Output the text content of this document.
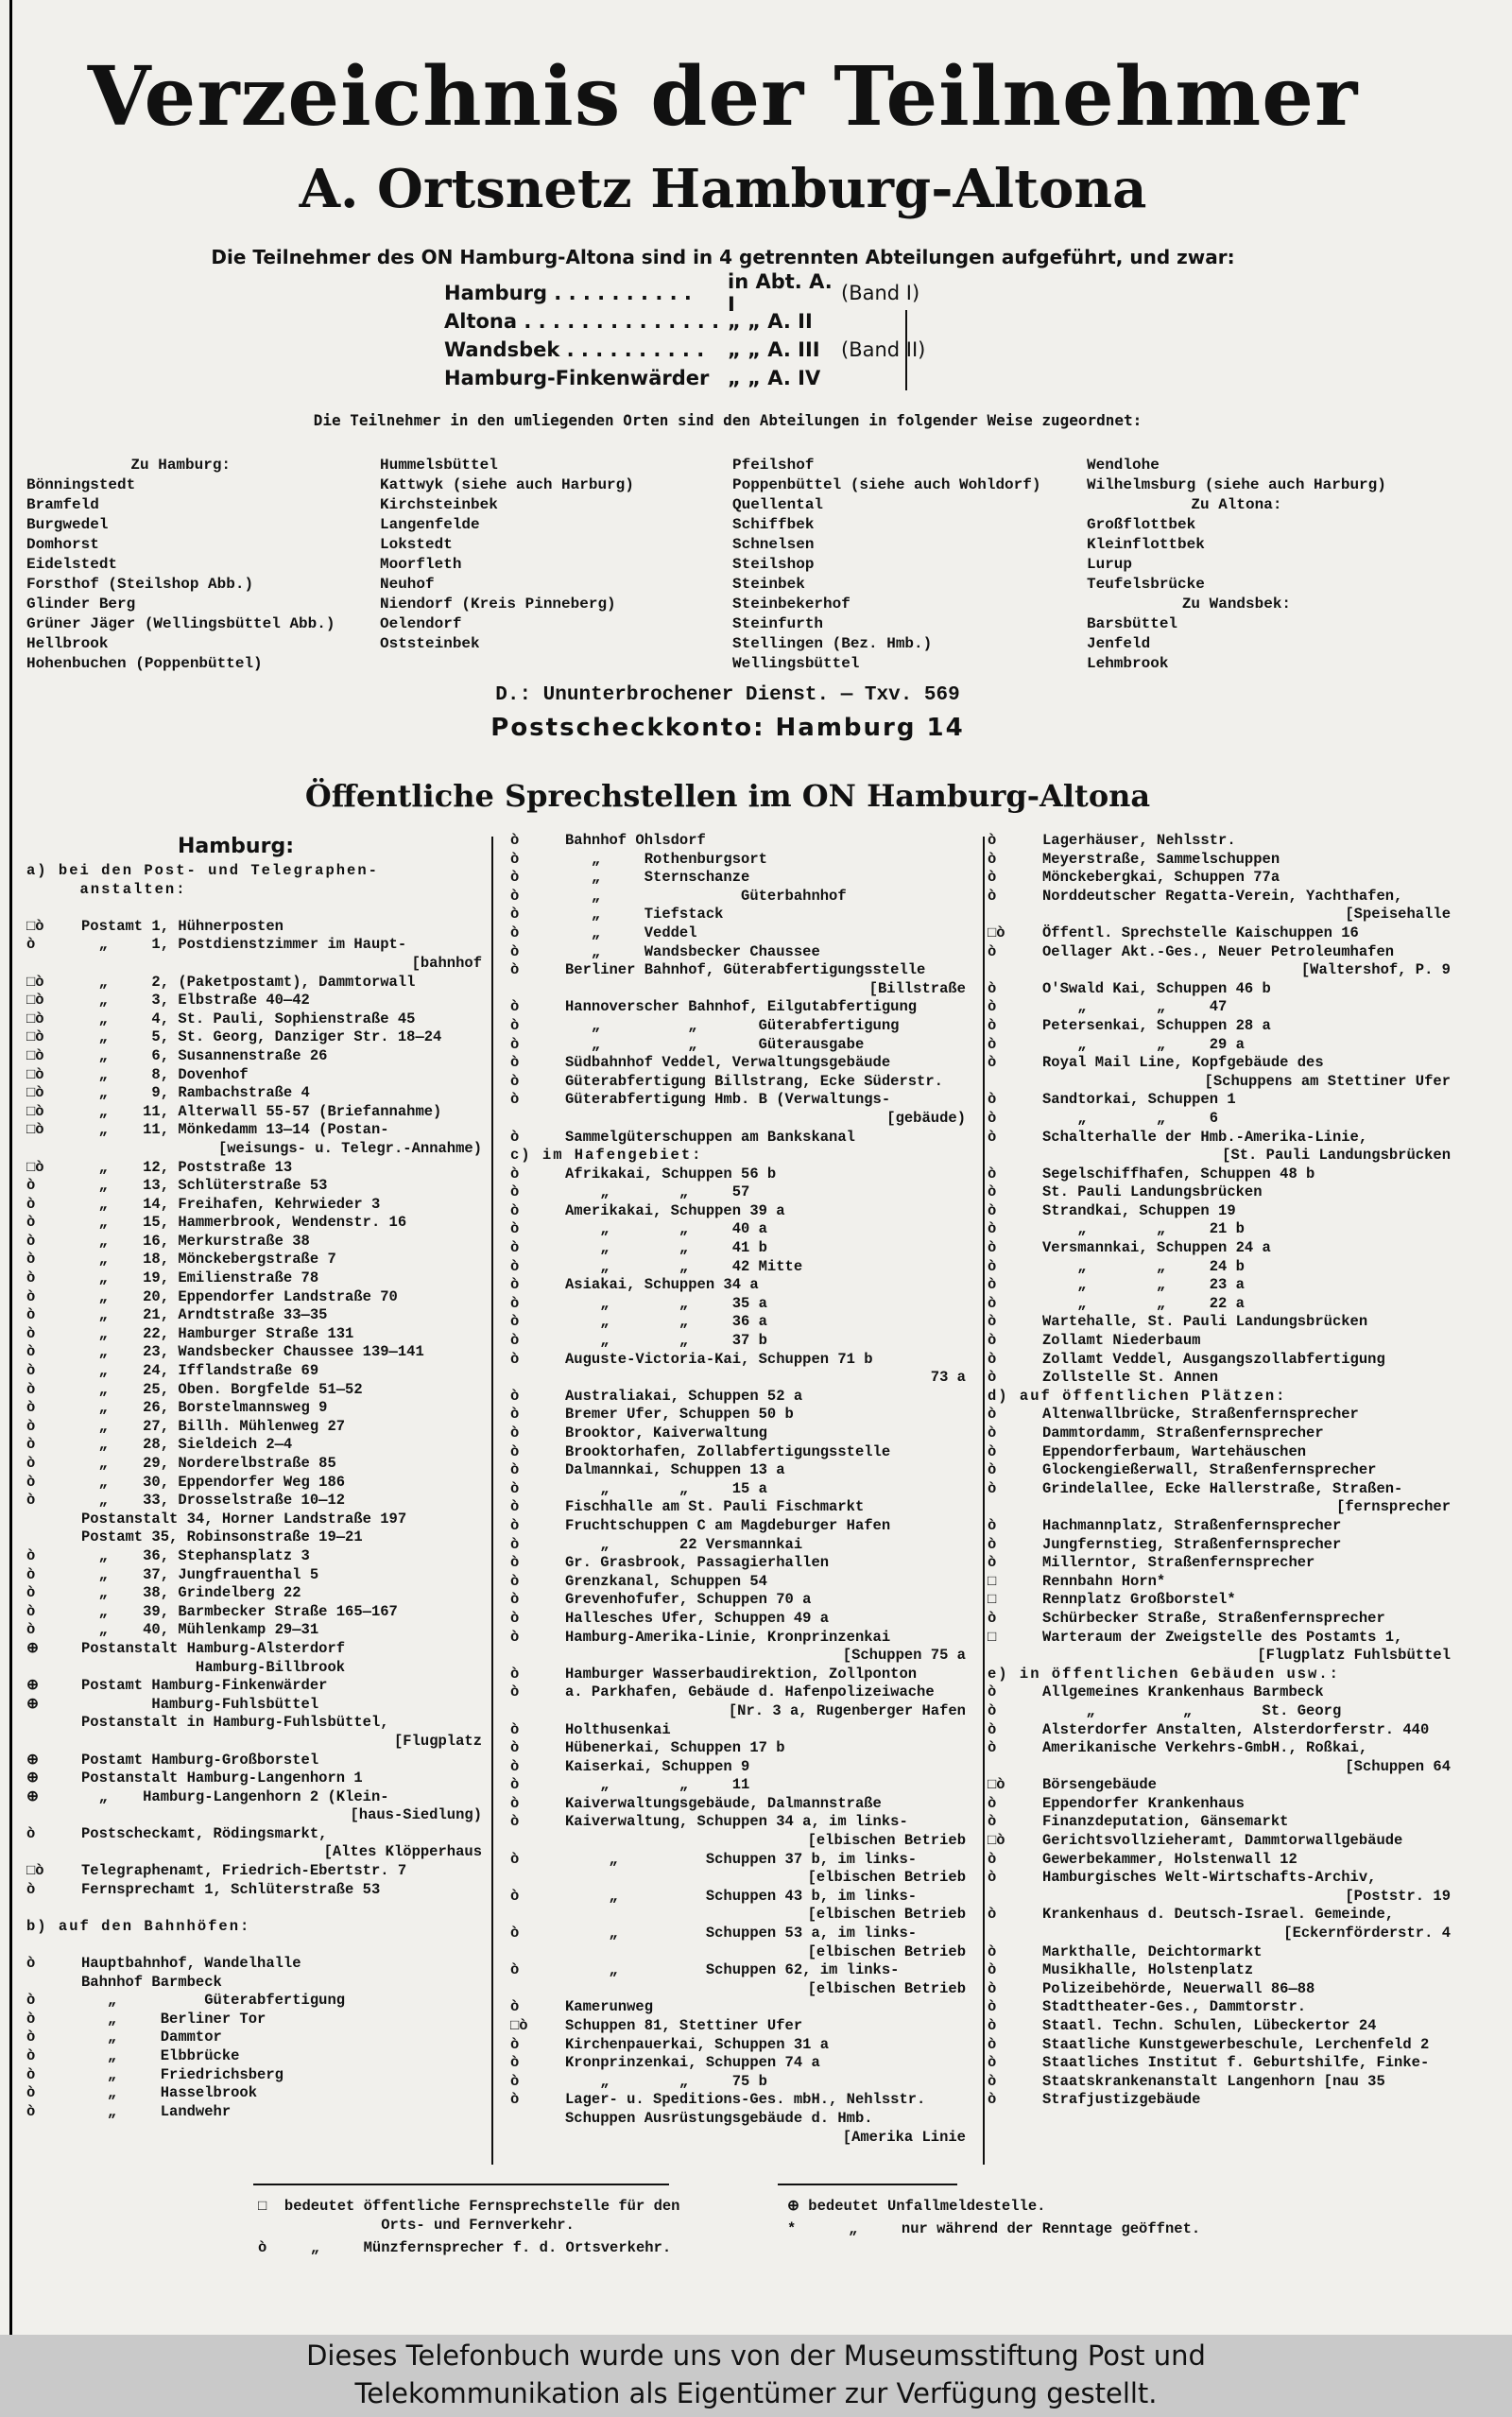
Verzeichnis der Teilnehmer
A. Ortsnetz Hamburg-Altona
Die Teilnehmer des ON Hamburg-Altona sind in 4 getrennten Abteilungen aufgeführt, und zwar:
Hamburg . . . . . . . . . .	in Abt. A. I	(Band I)
Altona . . . . . . . . . . . . . . „ „ A. II
Wandsbek . . . . . . . . . .	„ „ A. III	(Band II)
Hamburg-Finkenwärder „ „ A. IV
Die Teilnehmer in den umliegenden Orten sind den Abteilungen in folgender Weise zugeordnet:
Zu Hamburg:
Bönningstedt
Bramfeld
Burgwedel
Domhorst
Eidelstedt
Forsthof (Steilshop Abb.)
Glinder Berg
Grüner Jäger (Wellingsbüttel Abb.)
Hellbrook
Hohenbuchen (Poppenbüttel)
Hummelsbüttel
Kattwyk (siehe auch Harburg)
Kirchsteinbek
Langenfelde
Lokstedt
Moorfleth
Neuhof
Niendorf (Kreis Pinneberg)
Oelendorf
Oststeinbek
Pfeilshof
Poppenbüttel (siehe auch Wohldorf)
Quellental
Schiffbek
Schnelsen
Steilshop
Steinbek
Steinbekerhof
Steinfurth
Stellingen (Bez. Hmb.)
Wellingsbüttel
Wendlohe
Wilhelmsburg (siehe auch Harburg)
Zu Altona:
Großflottbek
Kleinflottbek
Lurup
Teufelsbrücke
Zu Wandsbek:
Barsbüttel
Jenfeld
Lehmbrook
D.: Ununterbrochener Dienst. — Txv. 569
Postscheckkonto: Hamburg 14
Öffentliche Sprechstellen im ON Hamburg-Altona
Hamburg:
a) bei den Post- und Telegraphen-
anstalten:
□ò	Postamt 1, Hühnerposten
ò	„     1, Postdienstzimmer im Haupt-
[bahnhof
□ò	„     2, (Paketpostamt), Dammtorwall
□ò	„     3, Elbstraße 40—42
□ò	„     4, St. Pauli, Sophienstraße 45
□ò	„     5, St. Georg, Danziger Str. 18—24
□ò	„     6, Susannenstraße 26
□ò	„     8, Dovenhof
□ò	„     9, Rambachstraße 4
□ò	„    11, Alterwall 55-57 (Briefannahme)
□ò	„    11, Mönkedamm 13—14 (Postan-
[weisungs- u. Telegr.-Annahme)
□ò	„    12, Poststraße 13
ò	„    13, Schlüterstraße 53
ò	„    14, Freihafen, Kehrwieder 3
ò	„    15, Hammerbrook, Wendenstr. 16
ò	„    16, Merkurstraße 38
ò	„    18, Mönckebergstraße 7
ò	„    19, Emilienstraße 78
ò	„    20, Eppendorfer Landstraße 70
ò	„    21, Arndtstraße 33—35
ò	„    22, Hamburger Straße 131
ò	„    23, Wandsbecker Chaussee 139—141
ò	„    24, Ifflandstraße 69
ò	„    25, Oben. Borgfelde 51—52
ò	„    26, Borstelmannsweg 9
ò	„    27, Billh. Mühlenweg 27
ò	„    28, Sieldeich 2—4
ò	„    29, Norderelbstraße 85
ò	„    30, Eppendorfer Weg 186
ò	„    33, Drosselstraße 10—12
Postanstalt 34, Horner Landstraße 197
Postamt 35, Robinsonstraße 19—21
ò	„    36, Stephansplatz 3
ò	„    37, Jungfrauenthal 5
ò	„    38, Grindelberg 22
ò	„    39, Barmbecker Straße 165—167
ò	„    40, Mühlenkamp 29—31
⊕	Postanstalt Hamburg-Alsterdorf
Hamburg-Billbrook
⊕	Postamt Hamburg-Finkenwärder
⊕	Hamburg-Fuhlsbüttel
Postanstalt in Hamburg-Fuhlsbüttel,
[Flugplatz
⊕	Postamt Hamburg-Großborstel
⊕	Postanstalt Hamburg-Langenhorn 1
⊕	„    Hamburg-Langenhorn 2 (Klein-
[haus-Siedlung)
ò	Postscheckamt, Rödingsmarkt,
[Altes Klöpperhaus
□ò	Telegraphenamt, Friedrich-Ebertstr. 7
ò	Fernsprechamt 1, Schlüterstraße 53
b) auf den Bahnhöfen:
ò	Hauptbahnhof, Wandelhalle
Bahnhof Barmbeck
ò	„          Güterabfertigung
ò	„     Berliner Tor
ò	„     Dammtor
ò	„     Elbbrücke
ò	„     Friedrichsberg
ò	„     Hasselbrook
ò	„     Landwehr
ò	Bahnhof Ohlsdorf
ò	„     Rothenburgsort
ò	„     Sternschanze
ò	„                Güterbahnhof
ò	„     Tiefstack
ò	„     Veddel
ò	„     Wandsbecker Chaussee
ò	Berliner Bahnhof, Güterabfertigungsstelle
[Billstraße
ò	Hannoverscher Bahnhof, Eilgutabfertigung
ò	„          „       Güterabfertigung
ò	„          „       Güterausgabe
ò	Südbahnhof Veddel, Verwaltungsgebäude
ò	Güterabfertigung Billstrang, Ecke Süderstr.
ò	Güterabfertigung Hmb. B (Verwaltungs-
[gebäude)
ò	Sammelgüterschuppen am Bankskanal
c) im Hafengebiet:
ò	Afrikakai, Schuppen 56 b
ò	„        „     57
ò	Amerikakai, Schuppen 39 a
ò	„        „     40 a
ò	„        „     41 b
ò	„        „     42 Mitte
ò	Asiakai, Schuppen 34 a
ò	„        „     35 a
ò	„        „     36 a
ò	„        „     37 b
ò	Auguste-Victoria-Kai, Schuppen 71 b
73 a
ò	Australiakai, Schuppen 52 a
ò	Bremer Ufer, Schuppen 50 b
ò	Brooktor, Kaiverwaltung
ò	Brooktorhafen, Zollabfertigungsstelle
ò	Dalmannkai, Schuppen 13 a
ò	„        „     15 a
ò	Fischhalle am St. Pauli Fischmarkt
ò	Fruchtschuppen C am Magdeburger Hafen
ò	„        22 Versmannkai
ò	Gr. Grasbrook, Passagierhallen
ò	Grenzkanal, Schuppen 54
ò	Grevenhofufer, Schuppen 70 a
ò	Hallesches Ufer, Schuppen 49 a
ò	Hamburg-Amerika-Linie, Kronprinzenkai
[Schuppen 75 a
ò	Hamburger Wasserbaudirektion, Zollponton
ò	a. Parkhafen, Gebäude d. Hafenpolizeiwache
[Nr. 3 a, Rugenberger Hafen
ò	Holthusenkai
ò	Hübenerkai, Schuppen 17 b
ò	Kaiserkai, Schuppen 9
ò	„        „     11
ò	Kaiverwaltungsgebäude, Dalmannstraße
ò	Kaiverwaltung, Schuppen 34 a, im links-
[elbischen Betrieb
ò	„          Schuppen 37 b, im links-
[elbischen Betrieb
ò	„          Schuppen 43 b, im links-
[elbischen Betrieb
ò	„          Schuppen 53 a, im links-
[elbischen Betrieb
ò	„          Schuppen 62, im links-
[elbischen Betrieb
ò	Kamerunweg
□ò	Schuppen 81, Stettiner Ufer
ò	Kirchenpauerkai, Schuppen 31 a
ò	Kronprinzenkai, Schuppen 74 a
ò	„        „     75 b
ò	Lager- u. Speditions-Ges. mbH., Nehlsstr.
Schuppen Ausrüstungsgebäude d. Hmb.
[Amerika Linie
ò	Lagerhäuser, Nehlsstr.
ò	Meyerstraße, Sammelschuppen
ò	Mönckebergkai, Schuppen 77a
ò	Norddeutscher Regatta-Verein, Yachthafen,
[Speisehalle
□ò	Öffentl. Sprechstelle Kaischuppen 16
ò	Oellager Akt.-Ges., Neuer Petroleumhafen
[Waltershof, P. 9
ò	O'Swald Kai, Schuppen 46 b
ò	„        „     47
ò	Petersenkai, Schuppen 28 a
ò	„        „     29 a
ò	Royal Mail Line, Kopfgebäude des
[Schuppens am Stettiner Ufer
ò	Sandtorkai, Schuppen 1
ò	„        „     6
ò	Schalterhalle der Hmb.-Amerika-Linie,
[St. Pauli Landungsbrücken
ò	Segelschiffhafen, Schuppen 48 b
ò	St. Pauli Landungsbrücken
ò	Strandkai, Schuppen 19
ò	„        „     21 b
ò	Versmannkai, Schuppen 24 a
ò	„        „     24 b
ò	„        „     23 a
ò	„        „     22 a
ò	Wartehalle, St. Pauli Landungsbrücken
ò	Zollamt Niederbaum
ò	Zollamt Veddel, Ausgangszollabfertigung
ò	Zollstelle St. Annen
d) auf öffentlichen Plätzen:
ò	Altenwallbrücke, Straßenfernsprecher
ò	Dammtordamm, Straßenfernsprecher
ò	Eppendorferbaum, Wartehäuschen
ò	Glockengießerwall, Straßenfernsprecher
ò	Grindelallee, Ecke Hallerstraße, Straßen-
[fernsprecher
ò	Hachmannplatz, Straßenfernsprecher
ò	Jungfernstieg, Straßenfernsprecher
ò	Millerntor, Straßenfernsprecher
□	Rennbahn Horn*
□	Rennplatz Großborstel*
ò	Schürbecker Straße, Straßenfernsprecher
□	Warteraum der Zweigstelle des Postamts 1,
[Flugplatz Fuhlsbüttel
e) in öffentlichen Gebäuden usw.:
ò	Allgemeines Krankenhaus Barmbeck
ò	„          „        St. Georg
ò	Alsterdorfer Anstalten, Alsterdorferstr. 440
ò	Amerikanische Verkehrs-GmbH., Roßkai,
[Schuppen 64
□ò	Börsengebäude
ò	Eppendorfer Krankenhaus
ò	Finanzdeputation, Gänsemarkt
□ò	Gerichtsvollzieheramt, Dammtorwallgebäude
ò	Gewerbekammer, Holstenwall 12
ò	Hamburgisches Welt-Wirtschafts-Archiv,
[Poststr. 19
ò	Krankenhaus d. Deutsch-Israel. Gemeinde,
[Eckernförderstr. 4
ò	Markthalle, Deichtormarkt
ò	Musikhalle, Holstenplatz
ò	Polizeibehörde, Neuerwall 86—88
ò	Stadttheater-Ges., Dammtorstr.
ò	Staatl. Techn. Schulen, Lübeckertor 24
ò	Staatliche Kunstgewerbeschule, Lerchenfeld 2
ò	Staatliches Institut f. Geburtshilfe, Finke-
ò	Staatskrankenanstalt Langenhorn [nau 35
ò	Strafjustizgebäude
□  bedeutet öffentliche Fernsprechstelle für den
Orts- und Fernverkehr.
ò     „     Münzfernsprecher f. d. Ortsverkehr.
⊕ bedeutet Unfallmeldestelle.
*      „     nur während der Renntage geöffnet.
Dieses Telefonbuch wurde uns von der Museumsstiftung Post und
Telekommunikation als Eigentümer zur Verfügung gestellt.
